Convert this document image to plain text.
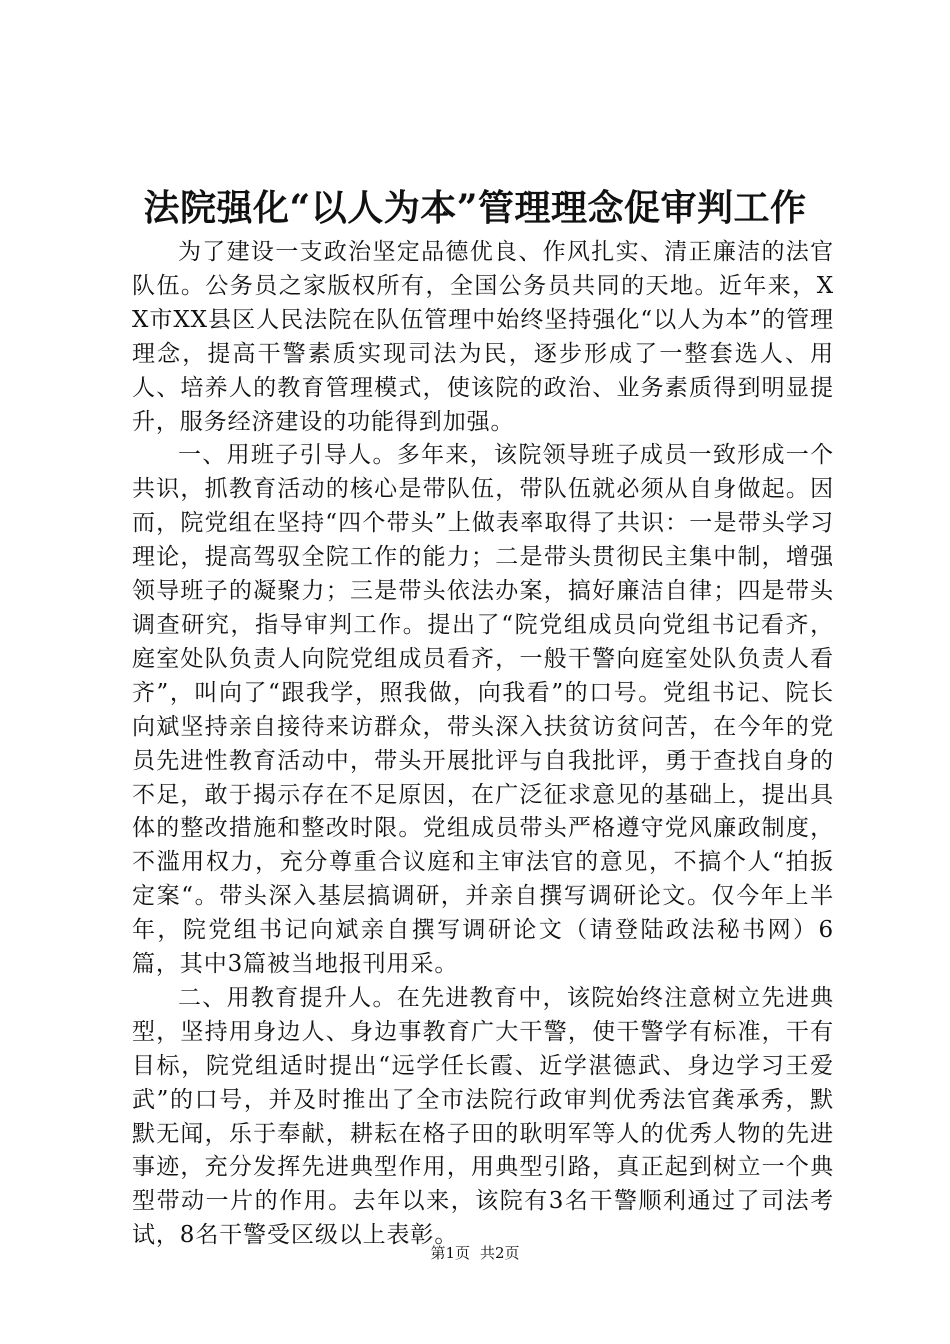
法院强化“以人为本”管理理念促审判工作

为了建设一支政治坚定品德优良、作风扎实、清正廉洁的法官队伍。公务员之家版权所有，全国公务员共同的天地。近年来，XX市XX县区人民法院在队伍管理中始终坚持强化“以人为本”的管理理念，提高干警素质实现司法为民，逐步形成了一整套选人、用人、培养人的教育管理模式，使该院的政治、业务素质得到明显提升，服务经济建设的功能得到加强。

一、用班子引导人。多年来，该院领导班子成员一致形成一个共识，抓教育活动的核心是带队伍，带队伍就必须从自身做起。因而，院党组在坚持“四个带头”上做表率取得了共识：一是带头学习理论，提高驾驭全院工作的能力；二是带头贯彻民主集中制，增强领导班子的凝聚力；三是带头依法办案，搞好廉洁自律；四是带头调查研究，指导审判工作。提出了“院党组成员向党组书记看齐，庭室处队负责人向院党组成员看齐，一般干警向庭室处队负责人看齐”，叫向了“跟我学，照我做，向我看”的口号。党组书记、院长向斌坚持亲自接待来访群众，带头深入扶贫访贫问苦，在今年的党员先进性教育活动中，带头开展批评与自我批评，勇于查找自身的不足，敢于揭示存在不足原因，在广泛征求意见的基础上，提出具体的整改措施和整改时限。党组成员带头严格遵守党风廉政制度，不滥用权力，充分尊重合议庭和主审法官的意见，不搞个人“拍扳定案“。带头深入基层搞调研，并亲自撰写调研论文。仅今年上半年，院党组书记向斌亲自撰写调研论文（请登陆政法秘书网）6篇，其中3篇被当地报刊用采。

二、用教育提升人。在先进教育中，该院始终注意树立先进典型，坚持用身边人、身边事教育广大干警，使干警学有标准，干有目标，院党组适时提出“远学任长霞、近学湛德武、身边学习王爱武”的口号，并及时推出了全市法院行政审判优秀法官龚承秀，默默无闻，乐于奉献，耕耘在格子田的耿明军等人的优秀人物的先进事迹，充分发挥先进典型作用，用典型引路，真正起到树立一个典型带动一片的作用。去年以来，该院有3名干警顺利通过了司法考试，8名干警受区级以上表彰。

第1页 共2页
